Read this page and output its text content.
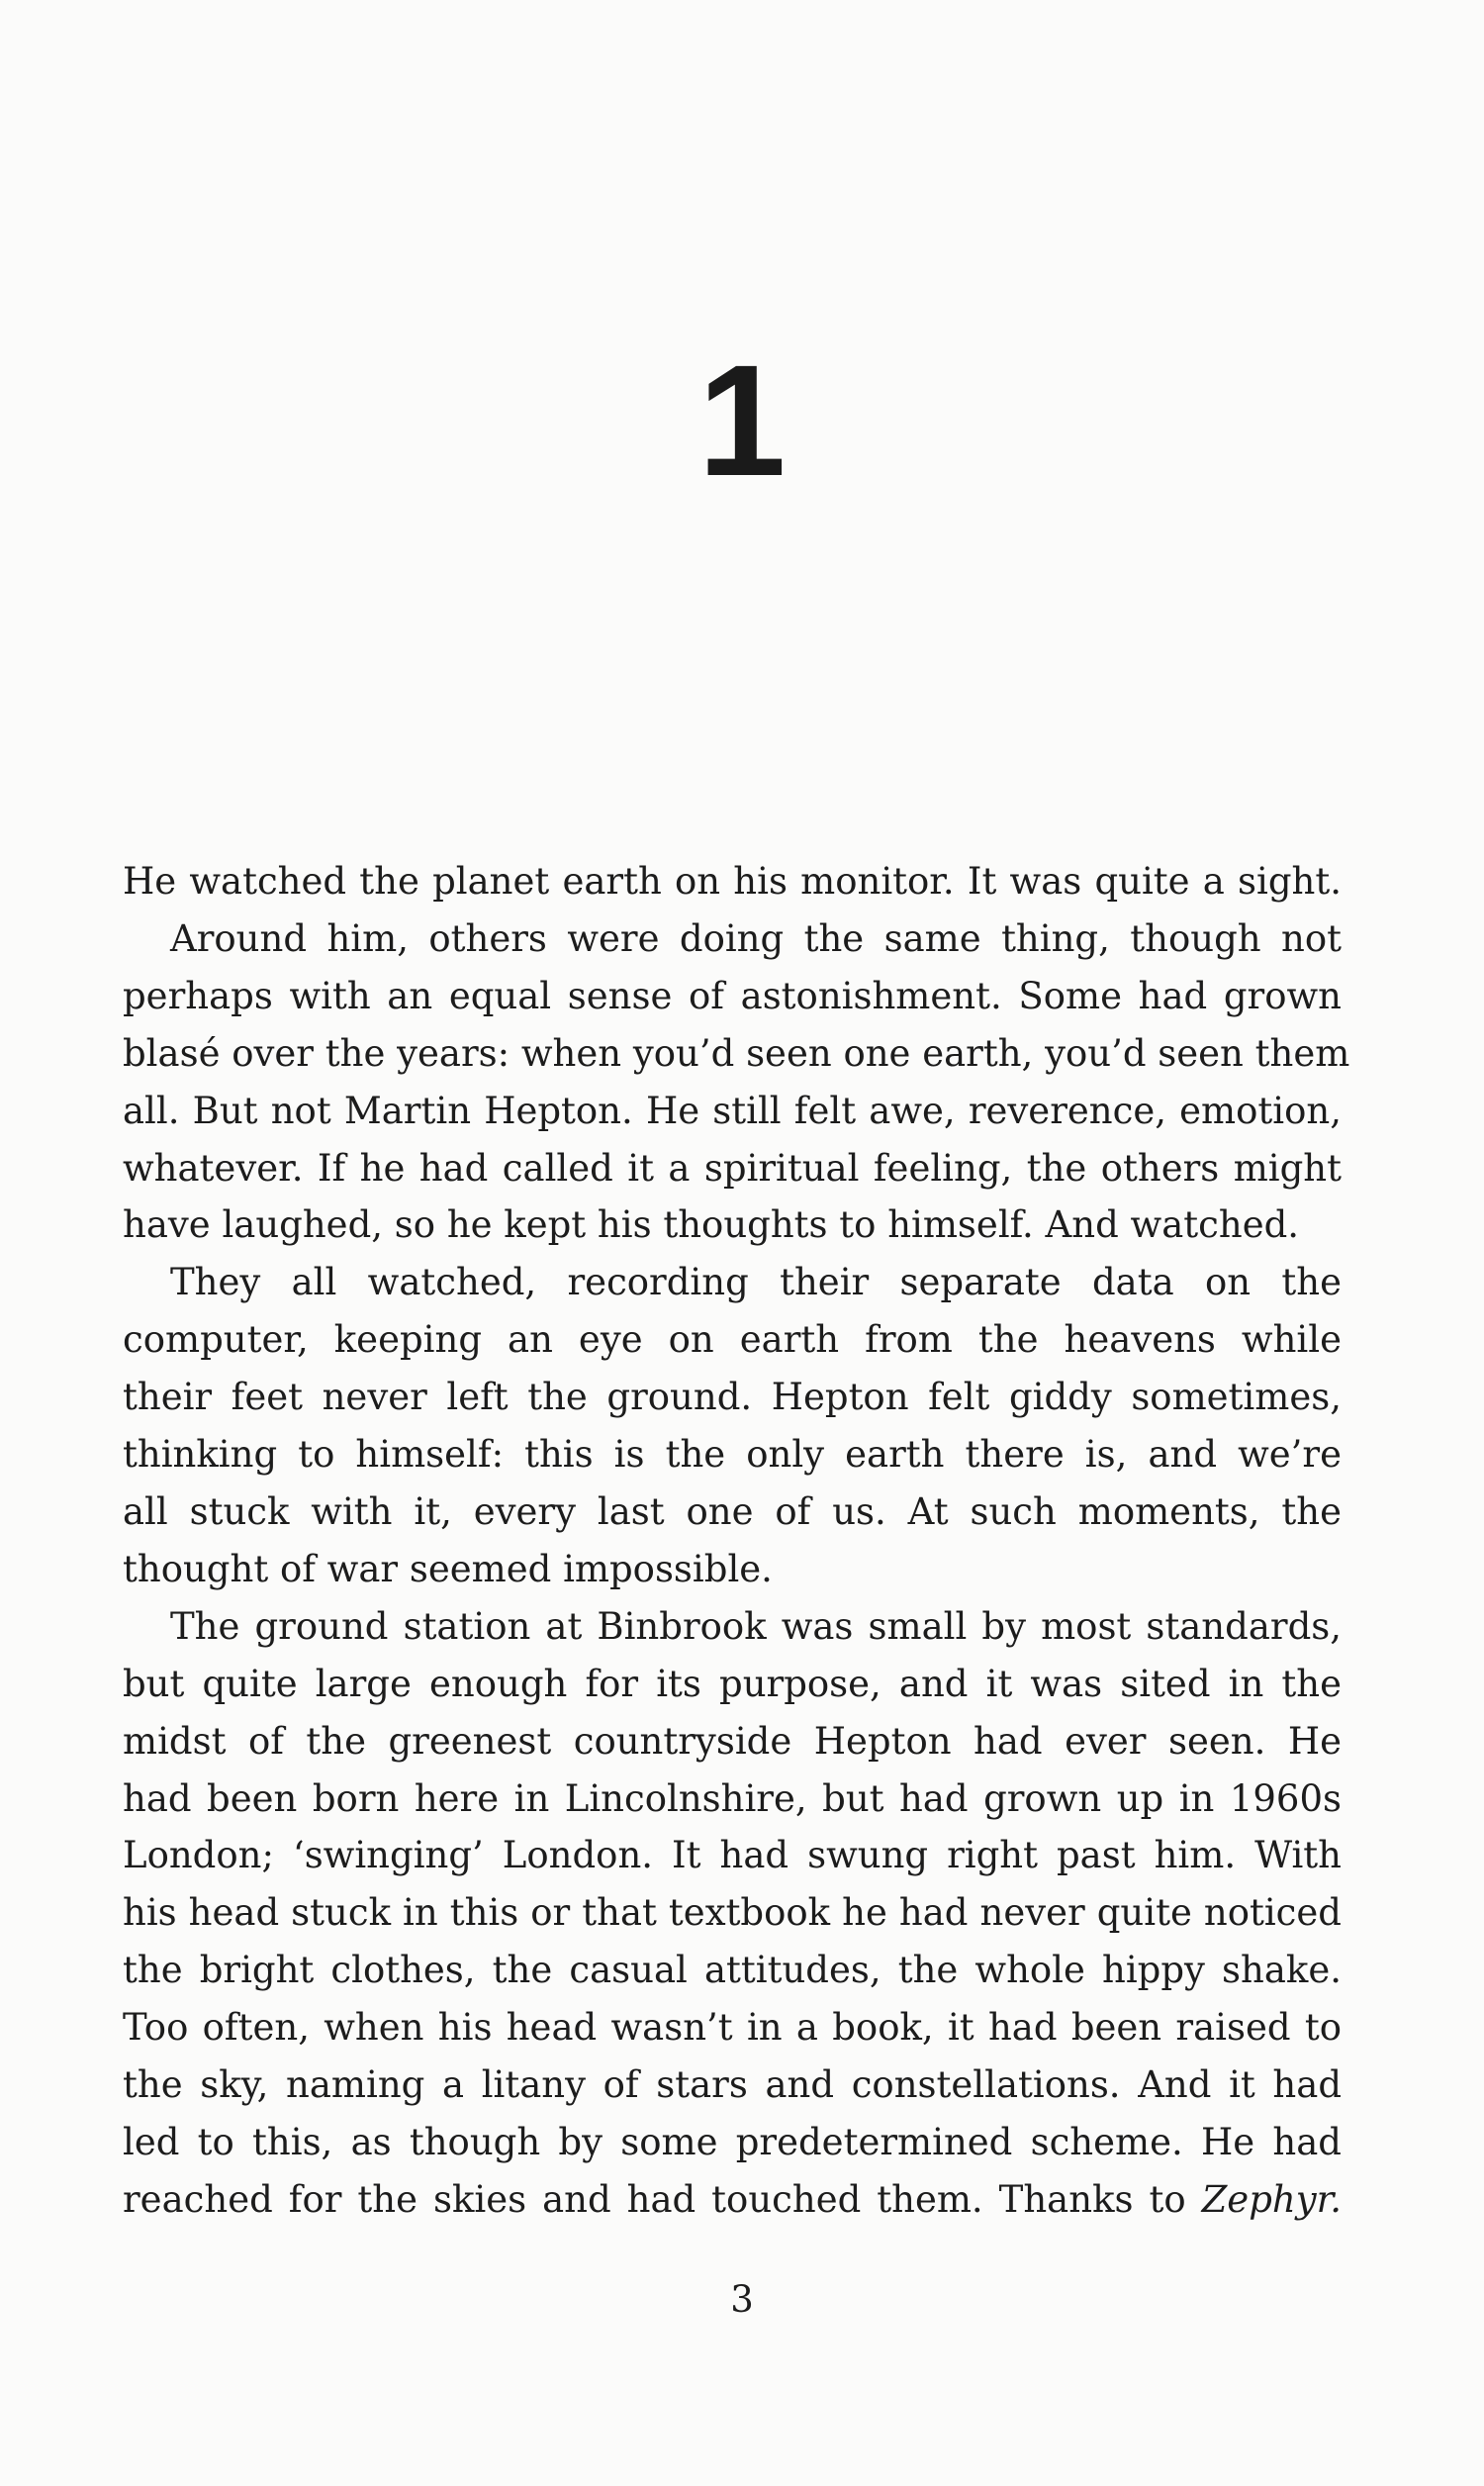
1

He watched the planet earth on his monitor. It was quite a sight.
Around him, others were doing the same thing, though not
perhaps with an equal sense of astonishment. Some had grown
blasé over the years: when you’d seen one earth, you’d seen them
all. But not Martin Hepton. He still felt awe, reverence, emotion,
whatever. If he had called it a spiritual feeling, the others might
have laughed, so he kept his thoughts to himself. And watched.

They all watched, recording their separate data on the
computer, keeping an eye on earth from the heavens while
their feet never left the ground. Hepton felt giddy sometimes,
thinking to himself: this is the only earth there is, and we’re
all stuck with it, every last one of us. At such moments, the
thought of war seemed impossible.

The ground station at Binbrook was small by most standards,
but quite large enough for its purpose, and it was sited in the
midst of the greenest countryside Hepton had ever seen. He
had been born here in Lincolnshire, but had grown up in 1960s
London; ‘swinging’ London. It had swung right past him. With
his head stuck in this or that textbook he had never quite noticed
the bright clothes, the casual attitudes, the whole hippy shake.
Too often, when his head wasn’t in a book, it had been raised to
the sky, naming a litany of stars and constellations. And it had
led to this, as though by some predetermined scheme. He had
reached for the skies and had touched them. Thanks to Zephyr.

3
